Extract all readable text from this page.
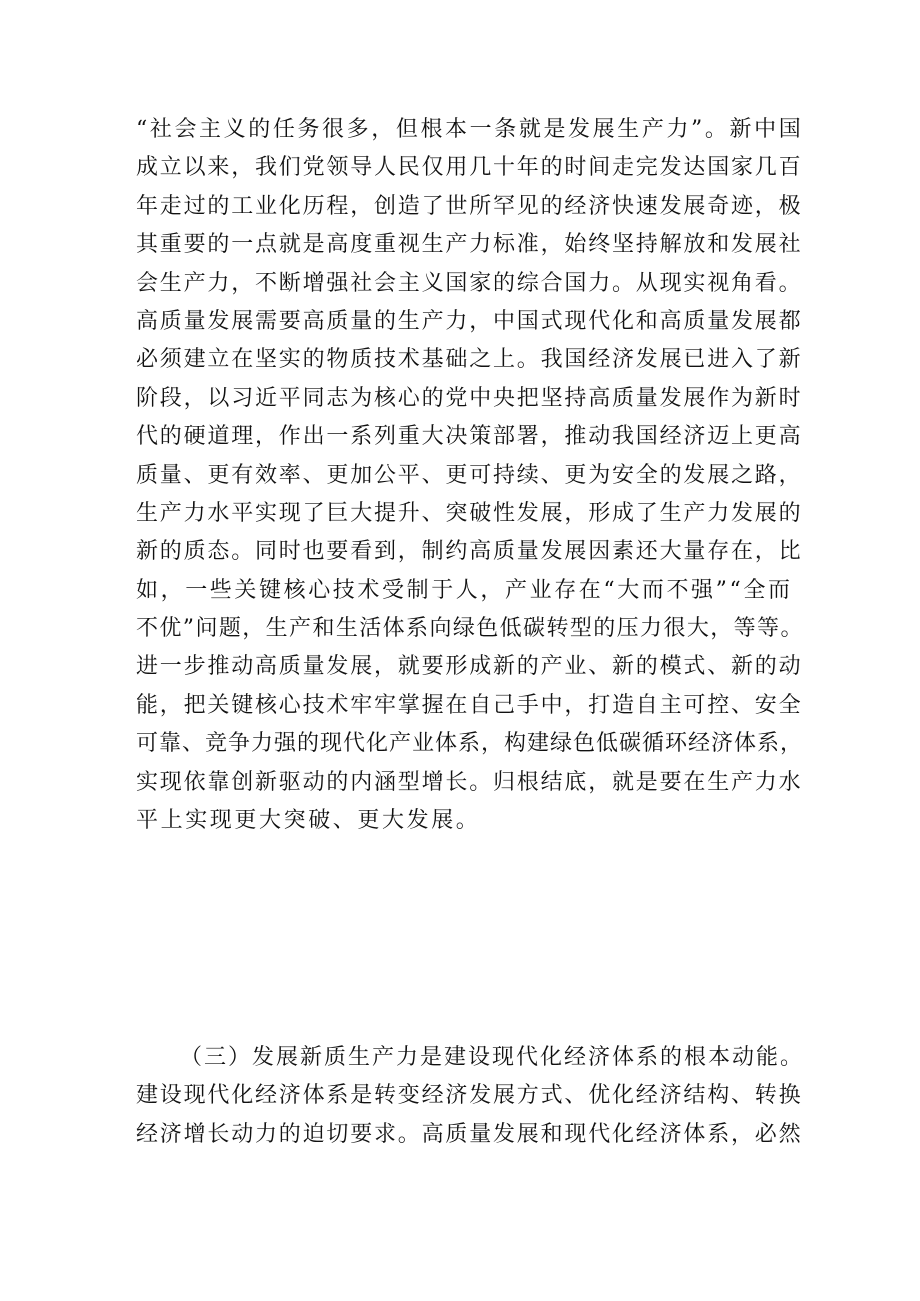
“社会主义的任务很多，但根本一条就是发展生产力”。新中国
成立以来，我们党领导人民仅用几十年的时间走完发达国家几百
年走过的工业化历程，创造了世所罕见的经济快速发展奇迹，极
其重要的一点就是高度重视生产力标准，始终坚持解放和发展社
会生产力，不断增强社会主义国家的综合国力。从现实视角看。
高质量发展需要高质量的生产力，中国式现代化和高质量发展都
必须建立在坚实的物质技术基础之上。我国经济发展已进入了新
阶段，以习近平同志为核心的党中央把坚持高质量发展作为新时
代的硬道理，作出一系列重大决策部署，推动我国经济迈上更高
质量、更有效率、更加公平、更可持续、更为安全的发展之路，
生产力水平实现了巨大提升、突破性发展，形成了生产力发展的
新的质态。同时也要看到，制约高质量发展因素还大量存在，比
如，一些关键核心技术受制于人，产业存在“大而不强”“全而
不优”问题，生产和生活体系向绿色低碳转型的压力很大，等等。
进一步推动高质量发展，就要形成新的产业、新的模式、新的动
能，把关键核心技术牢牢掌握在自己手中，打造自主可控、安全
可靠、竞争力强的现代化产业体系，构建绿色低碳循环经济体系，
实现依靠创新驱动的内涵型增长。归根结底，就是要在生产力水
平上实现更大突破、更大发展。
（三）发展新质生产力是建设现代化经济体系的根本动能。
建设现代化经济体系是转变经济发展方式、优化经济结构、转换
经济增长动力的迫切要求。高质量发展和现代化经济体系，必然
